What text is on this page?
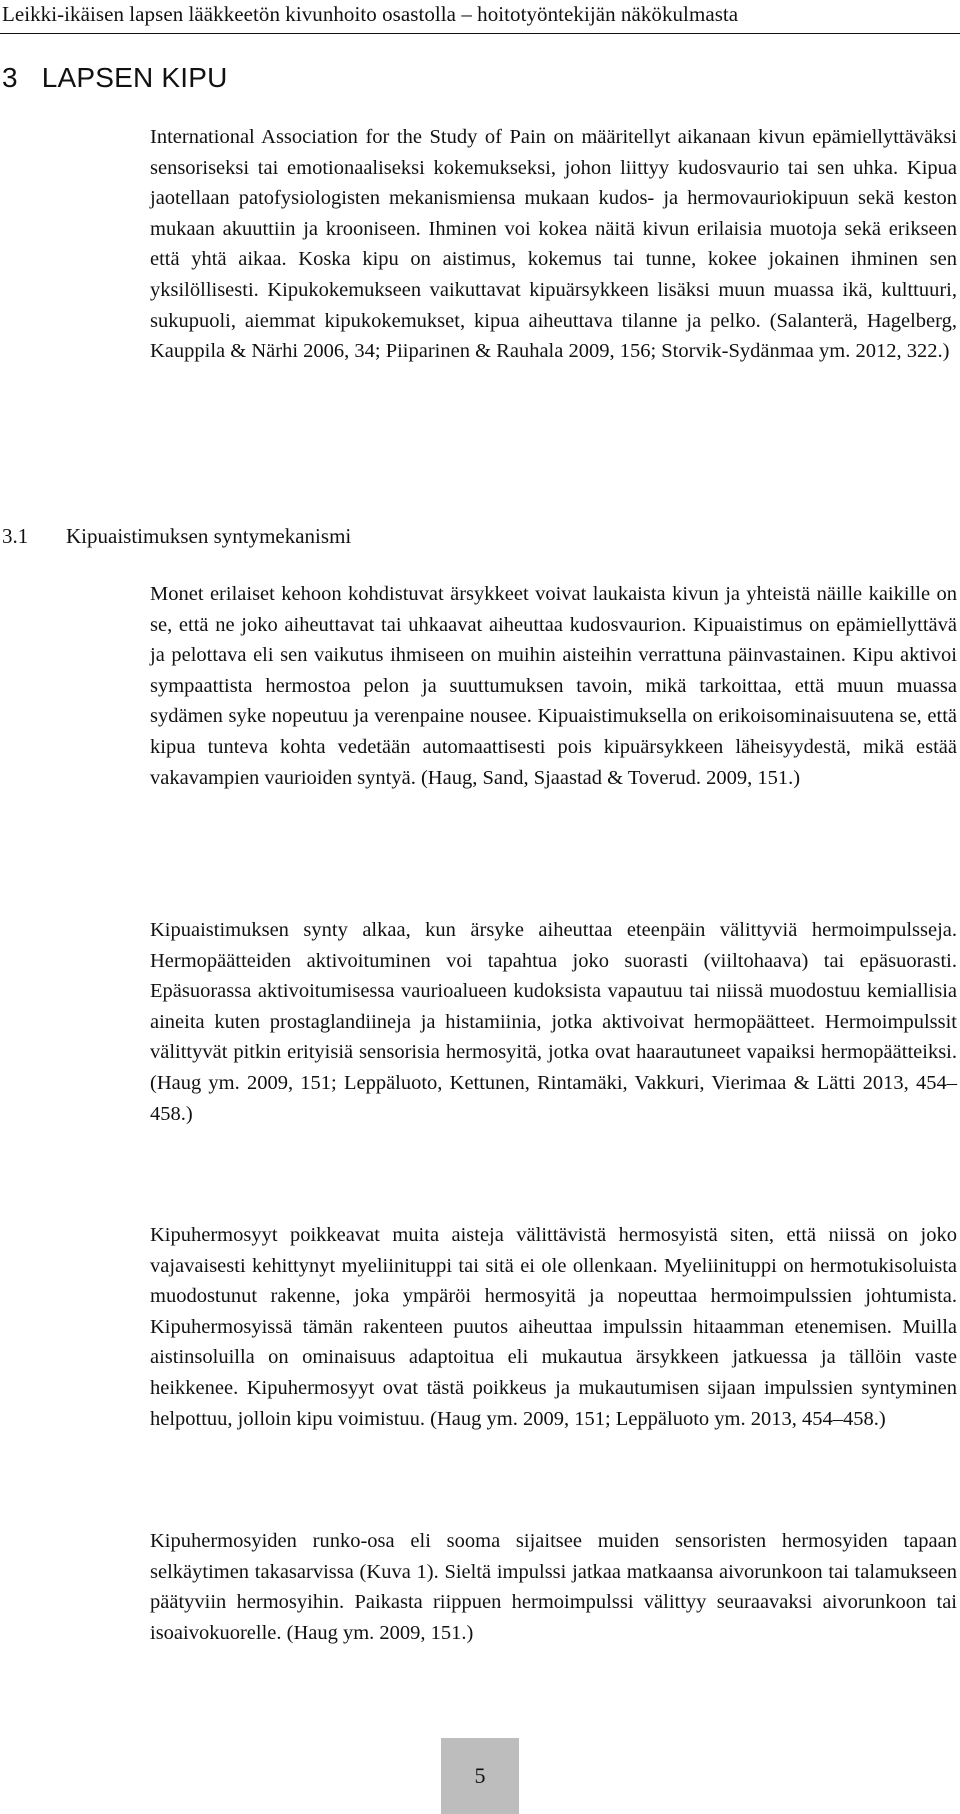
Leikki-ikäisen lapsen lääkkeetön kivunhoito osastolla – hoitotyöntekijän näkökulmasta
3 LAPSEN KIPU

International Association for the Study of Pain on määritellyt aikanaan kivun epämiellyttäväksi sensoriseksi tai emotionaaliseksi kokemukseksi, johon liittyy kudosvaurio tai sen uhka. Kipua jaotellaan patofysiologisten mekanismiensa mukaan kudos- ja hermovauriokipuun sekä keston mukaan akuuttiin ja krooniseen. Ihminen voi kokea näitä kivun erilaisia muotoja sekä erikseen että yhtä aikaa. Koska kipu on aistimus, kokemus tai tunne, kokee jokainen ihminen sen yksilöllisesti. Kipukokemukseen vaikuttavat kipuärsykkeen lisäksi muun muassa ikä, kulttuuri, sukupuoli, aiemmat kipukokemukset, kipua aiheuttava tilanne ja pelko. (Salanterä, Hagelberg, Kauppila & Närhi 2006, 34; Piiparinen & Rauhala 2009, 156; Storvik-Sydänmaa ym. 2012, 322.)

3.1 Kipuaistimuksen syntymekanismi

Monet erilaiset kehoon kohdistuvat ärsykkeet voivat laukaista kivun ja yhteistä näille kaikille on se, että ne joko aiheuttavat tai uhkaavat aiheuttaa kudosvaurion. Kipuaistimus on epämiellyttävä ja pelottava eli sen vaikutus ihmiseen on muihin aisteihin verrattuna päinvastainen. Kipu aktivoi sympaattista hermostoa pelon ja suuttumuksen tavoin, mikä tarkoittaa, että muun muassa sydämen syke nopeutuu ja verenpaine nousee. Kipuaistimuksella on erikoisominaisuutena se, että kipua tunteva kohta vedetään automaattisesti pois kipuärsykkeen läheisyydestä, mikä estää vakavampien vaurioiden syntyä. (Haug, Sand, Sjaastad & Toverud. 2009, 151.)

Kipuaistimuksen synty alkaa, kun ärsyke aiheuttaa eteenpäin välittyviä hermoimpulsseja. Hermopäätteiden aktivoituminen voi tapahtua joko suorasti (viiltohaava) tai epäsuorasti. Epäsuorassa aktivoitumisessa vaurioalueen kudoksista vapautuu tai niissä muodostuu kemiallisia aineita kuten prostaglandiineja ja histamiinia, jotka aktivoivat hermopäätteet. Hermoimpulssit välittyvät pitkin erityisiä sensorisia hermosyitä, jotka ovat haarautuneet vapaiksi hermopäätteiksi. (Haug ym. 2009, 151; Leppäluoto, Kettunen, Rintamäki, Vakkuri, Vierimaa & Lätti 2013, 454–458.)

Kipuhermosyyt poikkeavat muita aisteja välittävistä hermosyistä siten, että niissä on joko vajavaisesti kehittynyt myeliinituppi tai sitä ei ole ollenkaan. Myeliinituppi on hermotukisoluista muodostunut rakenne, joka ympäröi hermosyitä ja nopeuttaa hermoimpulssien johtumista. Kipuhermosyissä tämän rakenteen puutos aiheuttaa impulssin hitaamman etenemisen. Muilla aistinsoluilla on ominaisuus adaptoitua eli mukautua ärsykkeen jatkuessa ja tällöin vaste heikkenee. Kipuhermosyyt ovat tästä poikkeus ja mukautumisen sijaan impulssien syntyminen helpottuu, jolloin kipu voimistuu. (Haug ym. 2009, 151; Leppäluoto ym. 2013, 454–458.)

Kipuhermosyiden runko-osa eli sooma sijaitsee muiden sensoristen hermosyiden tapaan selkäytimen takasarvissa (Kuva 1). Sieltä impulssi jatkaa matkaansa aivorunkoon tai talamukseen päätyviin hermosyihin. Paikasta riippuen hermoimpulssi välittyy seuraavaksi aivorunkoon tai isoaivokuorelle. (Haug ym. 2009, 151.)

5
